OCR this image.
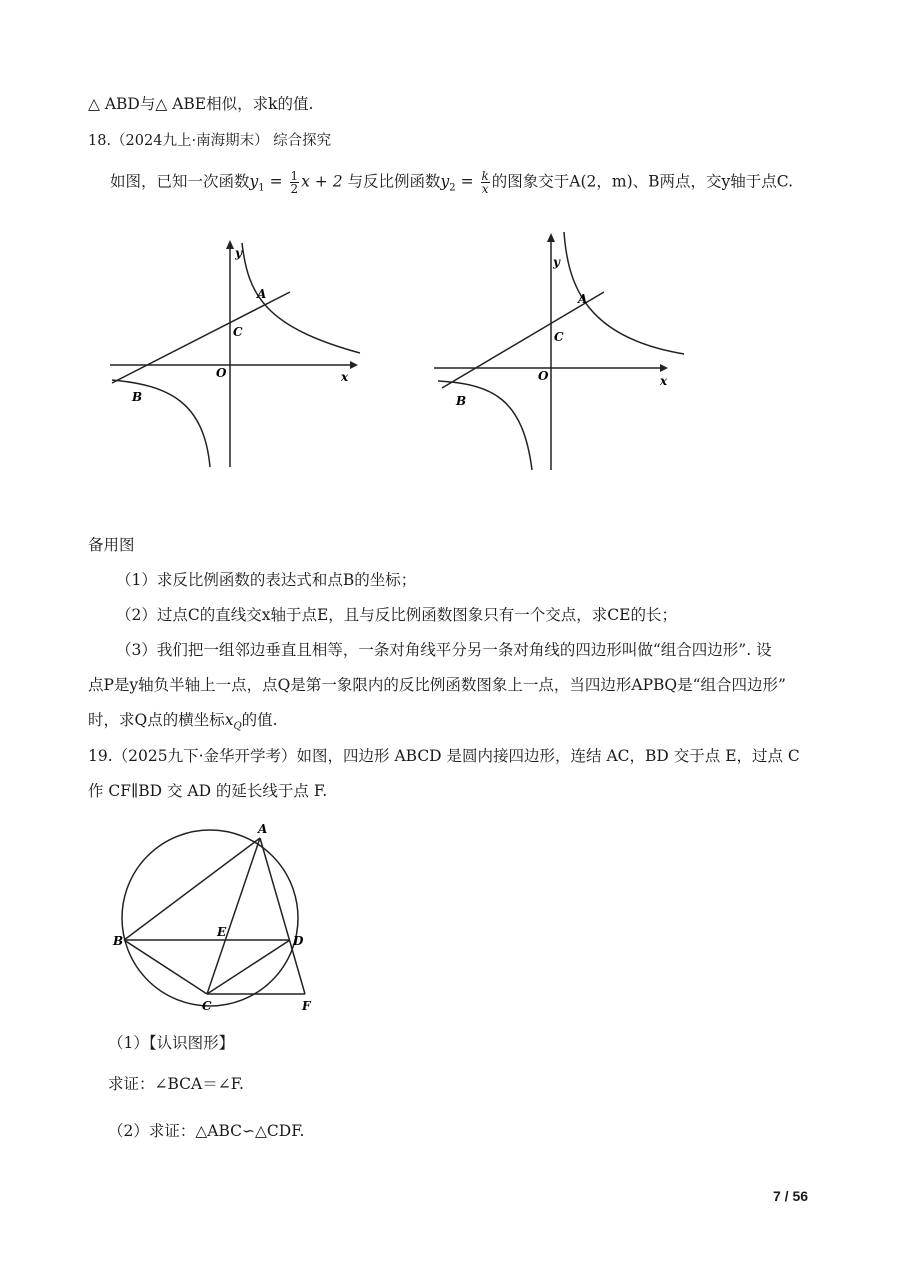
△ ABD与△ ABE相似，求k的值.
18.（2024九上·南海期末） 综合探究
如图，已知一次函数$y_1 = \frac{1}{2}$ x + 2 与反比例函数$y_2 = \frac{k}{x}$ 的图象交于A(2，m)、B两点，交y轴于点C.
y
x
O
A
B
C
y
x
O
A
B
C
备用图
（1）求反比例函数的表达式和点B的坐标；
（2）过点C的直线交x轴于点E，且与反比例函数图象只有一个交点，求CE的长；
（3）我们把一组邻边垂直且相等，一条对角线平分另一条对角线的四边形叫做“组合四边形”. 设
点P是y轴负半轴上一点，点Q是第一象限内的反比例函数图象上一点，当四边形APBQ是“组合四边形”
时，求Q点的横坐标$x_Q$的值.
19.（2025九下·金华开学考）如图，四边形 ABCD 是圆内接四边形，连结 AC，BD 交于点 E，过点 C
作 CF∥BD 交 AD 的延长线于点 F.
A
B
C
D
E
F
（1）【认识图形】
求证：∠BCA＝∠F.
（2）求证：△ABC∽△CDF.
7 / 56
